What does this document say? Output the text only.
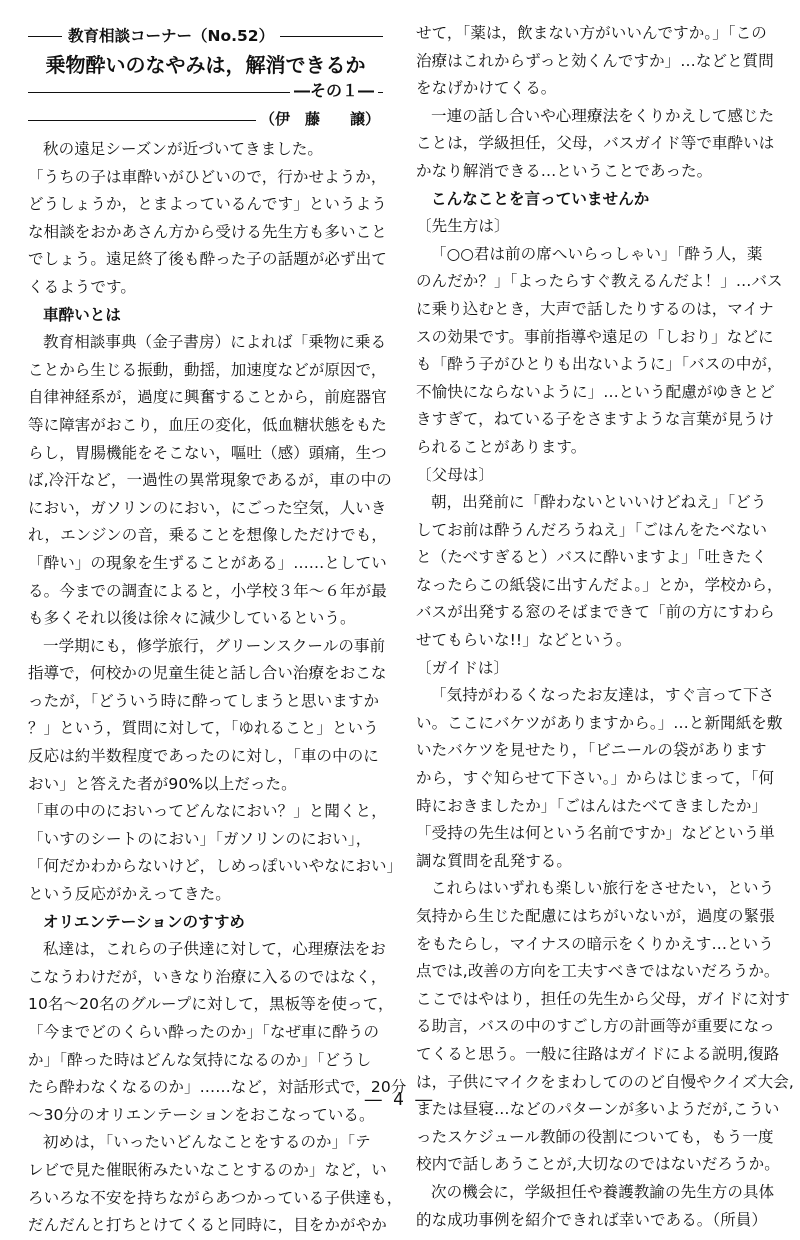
教育相談コーナー（No.52）
乗物酔いのなやみは，解消できるか
―その１―
（伊　藤　　譲）
秋の遠足シーズンが近づいてきました。
「うちの子は車酔いがひどいので，行かせようか，
どうしょうか，とまよっているんです」というよう
な相談をおかあさん方から受ける先生方も多いこと
でしょう。遠足終了後も酔った子の話題が必ず出て
くるようです。
車酔いとは
教育相談事典（金子書房）によれば「乗物に乗る
ことから生じる振動，動揺，加速度などが原因で，
自律神経系が，過度に興奮することから，前庭器官
等に障害がおこり，血圧の変化，低血糖状態をもた
らし，胃腸機能をそこない，嘔吐（感）頭痛，生つ
ば,冷汗など，一過性の異常現象であるが，車の中の
におい，ガソリンのにおい，にごった空気，人いき
れ，エンジンの音，乗ることを想像しただけでも，
「酔い」の現象を生ずることがある」……としてい
る。今までの調査によると，小学校３年～６年が最
も多くそれ以後は徐々に減少しているという。
一学期にも，修学旅行，グリーンスクールの事前
指導で，何校かの児童生徒と話し合い治療をおこな
ったが，「どういう時に酔ってしまうと思いますか
？」という，質問に対して，「ゆれること」という
反応は約半数程度であったのに対し，「車の中のに
おい」と答えた者が90%以上だった。
「車の中のにおいってどんなにおい？」と聞くと，
「いすのシートのにおい」「ガソリンのにおい」，
「何だかわからないけど，しめっぽいいやなにおい」
という反応がかえってきた。
オリエンテーションのすすめ
私達は，これらの子供達に対して，心理療法をお
こなうわけだが，いきなり治療に入るのではなく，
10名～20名のグループに対して，黒板等を使って，
「今までどのくらい酔ったのか」「なぜ車に酔うの
か」「酔った時はどんな気持になるのか」「どうし
たら酔わなくなるのか」……など，対話形式で，20分
～30分のオリエンテーションをおこなっている。
初めは，「いったいどんなことをするのか」「テ
レビで見た催眠術みたいなことするのか」など，い
ろいろな不安を持ちながらあつかっている子供達も，
だんだんと打ちとけてくると同時に，目をかがやか
せて，「薬は，飲まない方がいいんですか。」「この
治療はこれからずっと効くんですか」…などと質問
をなげかけてくる。
一連の話し合いや心理療法をくりかえして感じた
ことは，学級担任，父母，バスガイド等で車酔いは
かなり解消できる…ということであった。
こんなことを言っていませんか
〔先生方は〕
「○○君は前の席へいらっしゃい」「酔う人，薬
のんだか？」「よったらすぐ教えるんだよ！」…バス
に乗り込むとき，大声で話したりするのは，マイナ
スの効果です。事前指導や遠足の「しおり」などに
も「酔う子がひとりも出ないように」「バスの中が，
不愉快にならないように」…という配慮がゆきとど
きすぎて，ねている子をさますような言葉が見うけ
られることがあります。
〔父母は〕
朝，出発前に「酔わないといいけどねえ」「どう
してお前は酔うんだろうねえ」「ごはんをたべない
と（たべすぎると）バスに酔いますよ」「吐きたく
なったらこの紙袋に出すんだよ。」とか，学校から，
バスが出発する窓のそばまできて「前の方にすわら
せてもらいな!!」などという。
〔ガイドは〕
「気持がわるくなったお友達は，すぐ言って下さ
い。ここにバケツがありますから。」…と新聞紙を敷
いたバケツを見せたり，「ビニールの袋があります
から，すぐ知らせて下さい。」からはじまって，「何
時におきましたか」「ごはんはたべてきましたか」
「受持の先生は何という名前ですか」などという単
調な質問を乱発する。
これらはいずれも楽しい旅行をさせたい，という
気持から生じた配慮にはちがいないが，過度の緊張
をもたらし，マイナスの暗示をくりかえす…という
点では,改善の方向を工夫すべきではないだろうか。
ここではやはり，担任の先生から父母，ガイドに対す
る助言，バスの中のすごし方の計画等が重要になっ
てくると思う。一般に往路はガイドによる説明,復路
は，子供にマイクをまわしてののど自慢やクイズ大会,
または昼寝…などのパターンが多いようだが,こうい
ったスケジュール教師の役割についても，もう一度
校内で話しあうことが,大切なのではないだろうか。
次の機会に，学級担任や養護教諭の先生方の具体
的な成功事例を紹介できれば幸いである。（所員）
― 4 ―
